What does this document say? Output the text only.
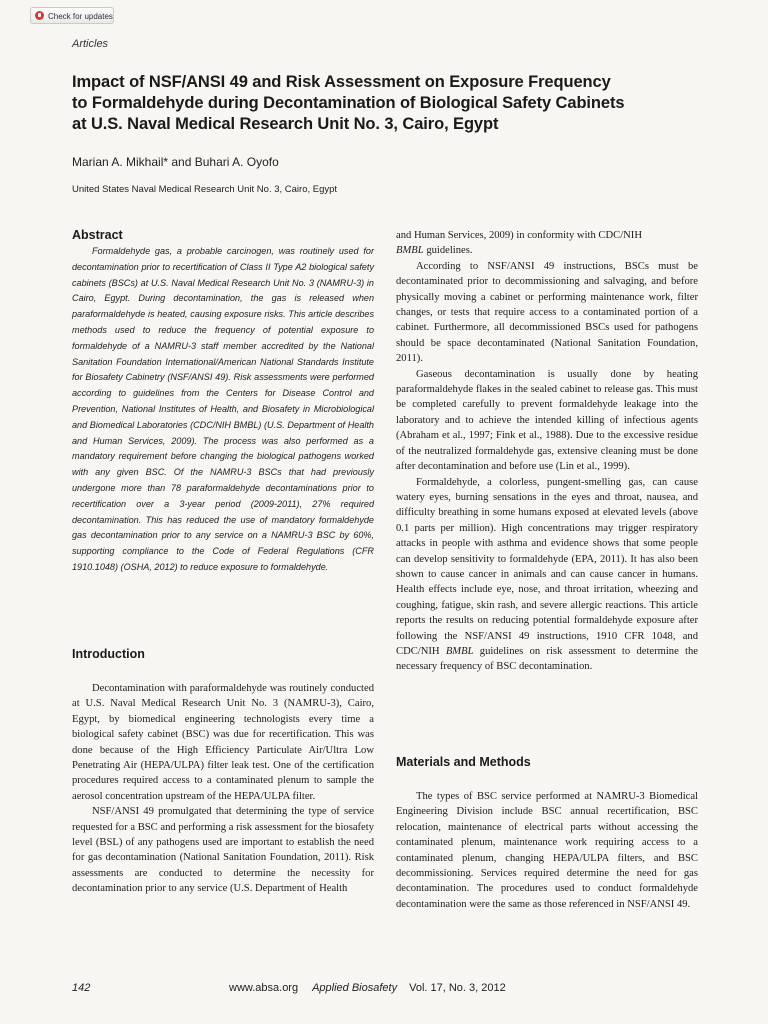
Check for updates
Articles
Impact of NSF/ANSI 49 and Risk Assessment on Exposure Frequency
to Formaldehyde during Decontamination of Biological Safety Cabinets
at U.S. Naval Medical Research Unit No. 3, Cairo, Egypt
Marian A. Mikhail* and Buhari A. Oyofo
United States Naval Medical Research Unit No. 3, Cairo, Egypt
Abstract

Formaldehyde gas, a probable carcinogen, was routinely used for decontamination prior to recertification of Class II Type A2 biological safety cabinets (BSCs) at U.S. Naval Medical Research Unit No. 3 (NAMRU-3) in Cairo, Egypt. During decontamination, the gas is released when paraformaldehyde is heated, causing exposure risks. This article describes methods used to reduce the frequency of potential exposure to formaldehyde of a NAMRU-3 staff member accredited by the National Sanitation Foundation International/American National Standards Institute for Biosafety Cabinetry (NSF/ANSI 49). Risk assessments were performed according to guidelines from the Centers for Disease Control and Prevention, National Institutes of Health, and Biosafety in Microbiological and Biomedical Laboratories (CDC/NIH BMBL) (U.S. Department of Health and Human Services, 2009). The process was also performed as a mandatory requirement before changing the biological pathogens worked with any given BSC. Of the NAMRU-3 BSCs that had previously undergone more than 78 paraformaldehyde decontaminations prior to recertification over a 3-year period (2009-2011), 27% required decontamination. This has reduced the use of mandatory formaldehyde gas decontamination prior to any service on a NAMRU-3 BSC by 60%, supporting compliance to the Code of Federal Regulations (CFR 1910.1048) (OSHA, 2012) to reduce exposure to formaldehyde.

Introduction

Decontamination with paraformaldehyde was routinely conducted at U.S. Naval Medical Research Unit No. 3 (NAMRU-3), Cairo, Egypt, by biomedical engineering technologists every time a biological safety cabinet (BSC) was due for recertification. This was done because of the High Efficiency Particulate Air/Ultra Low Penetrating Air (HEPA/ULPA) filter leak test. One of the certification procedures required access to a contaminated plenum to sample the aerosol concentration upstream of the HEPA/ULPA filter.

NSF/ANSI 49 promulgated that determining the type of service requested for a BSC and performing a risk assessment for the biosafety level (BSL) of any pathogens used are important to establish the need for gas decontamination (National Sanitation Foundation, 2011). Risk assessments are conducted to determine the necessity for decontamination prior to any service (U.S. Department of Health

and Human Services, 2009) in conformity with CDC/NIH
BMBL guidelines.

According to NSF/ANSI 49 instructions, BSCs must be decontaminated prior to decommissioning and salvaging, and before physically moving a cabinet or performing maintenance work, filter changes, or tests that require access to a contaminated portion of a cabinet. Furthermore, all decommissioned BSCs used for pathogens should be space decontaminated (National Sanitation Foundation, 2011).

Gaseous decontamination is usually done by heating paraformaldehyde flakes in the sealed cabinet to release gas. This must be completed carefully to prevent formaldehyde leakage into the laboratory and to achieve the intended killing of infectious agents (Abraham et al., 1997; Fink et al., 1988). Due to the excessive residue of the neutralized formaldehyde gas, extensive cleaning must be done after decontamination and before use (Lin et al., 1999).

Formaldehyde, a colorless, pungent-smelling gas, can cause watery eyes, burning sensations in the eyes and throat, nausea, and difficulty breathing in some humans exposed at elevated levels (above 0.1 parts per million). High concentrations may trigger respiratory attacks in people with asthma and evidence shows that some people can develop sensitivity to formaldehyde (EPA, 2011). It has also been shown to cause cancer in animals and can cause cancer in humans. Health effects include eye, nose, and throat irritation, wheezing and coughing, fatigue, skin rash, and severe allergic reactions. This article reports the results on reducing potential formaldehyde exposure after following the NSF/ANSI 49 instructions, 1910 CFR 1048, and CDC/NIH BMBL guidelines on risk assessment to determine the necessary frequency of BSC decontamination.

Materials and Methods

The types of BSC service performed at NAMRU-3 Biomedical Engineering Division include BSC annual recertification, BSC relocation, maintenance of electrical parts without accessing the contaminated plenum, maintenance work requiring access to a contaminated plenum, changing HEPA/ULPA filters, and BSC decommissioning. Services required determine the need for gas decontamination. The procedures used to conduct formaldehyde decontamination were the same as those referenced in NSF/ANSI 49.

142	www.absa.org Applied Biosafety Vol. 17, No. 3, 2012
